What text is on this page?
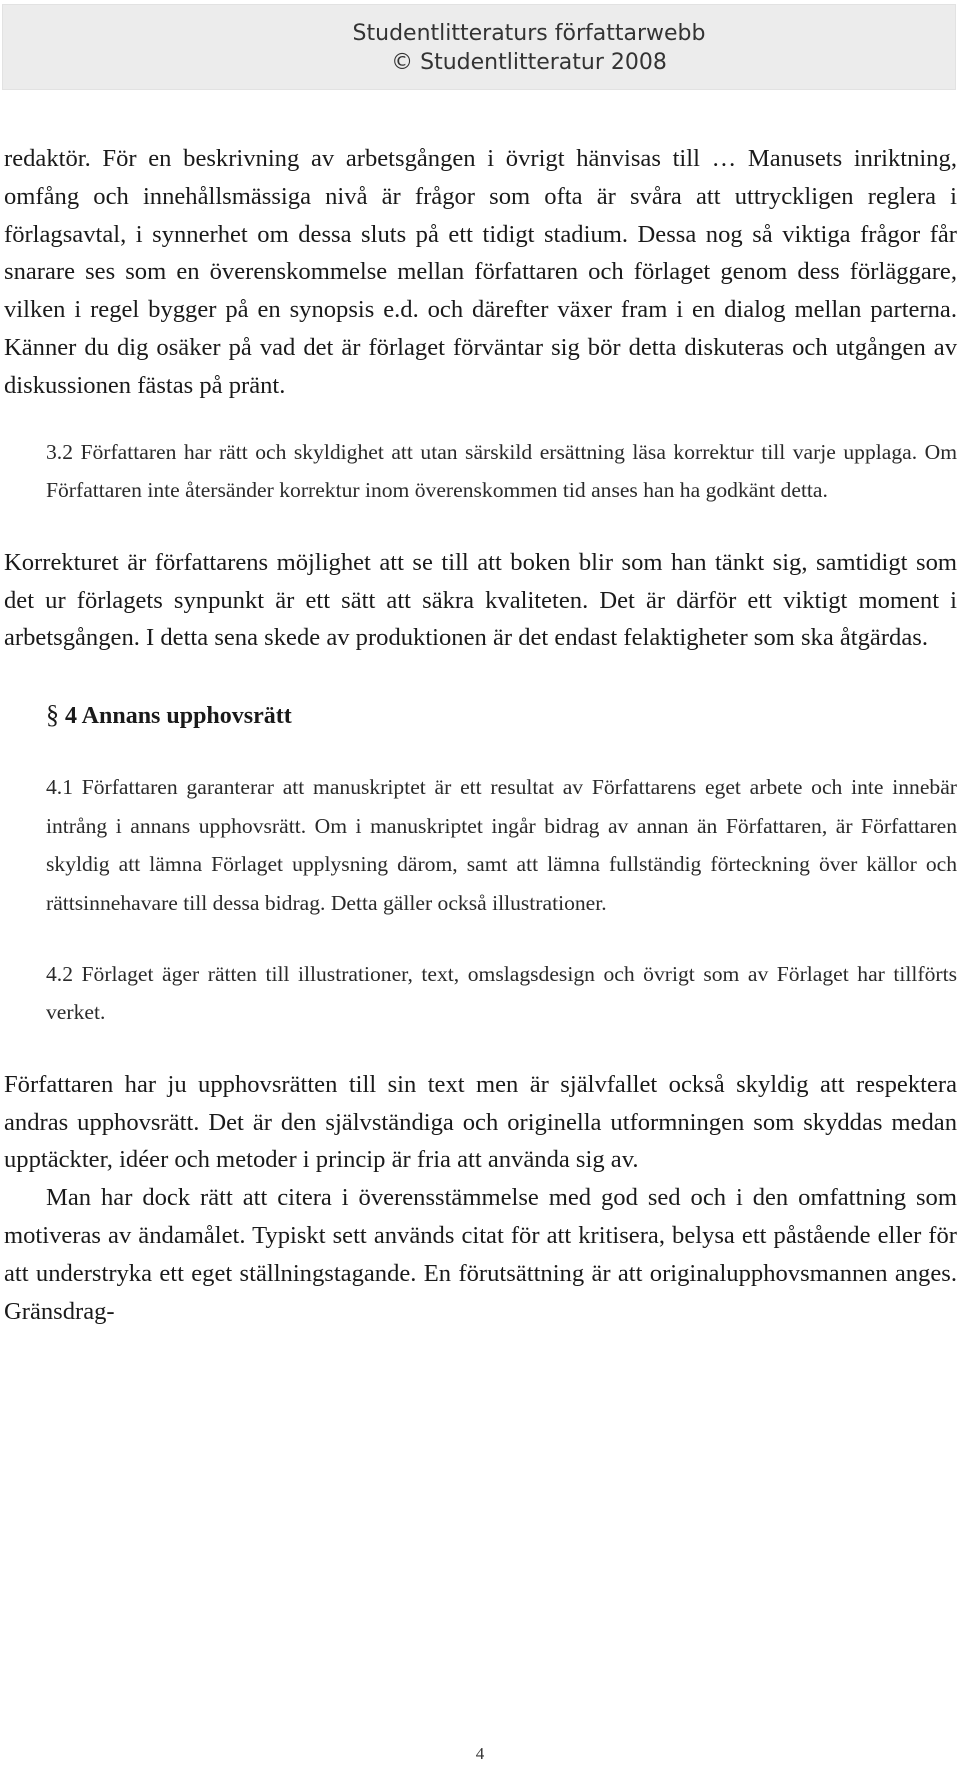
Studentlitteraturs författarwebb
© Studentlitteratur 2008

redaktör. För en beskrivning av arbetsgången i övrigt hänvisas till … Manusets inriktning, omfång och innehållsmässiga nivå är frågor som ofta är svåra att uttryckligen reglera i förlagsavtal, i synnerhet om dessa sluts på ett tidigt stadium. Dessa nog så viktiga frågor får snarare ses som en överenskommelse mellan författaren och förlaget genom dess förläggare, vilken i regel bygger på en synopsis e.d. och därefter växer fram i en dialog mellan parterna. Känner du dig osäker på vad det är förlaget förväntar sig bör detta diskuteras och utgången av diskussionen fästas på pränt.

3.2 Författaren har rätt och skyldighet att utan särskild ersättning läsa korrektur till varje upplaga. Om Författaren inte återsänder korrektur inom överenskommen tid anses han ha godkänt detta.

Korrekturet är författarens möjlighet att se till att boken blir som han tänkt sig, samtidigt som det ur förlagets synpunkt är ett sätt att säkra kvaliteten. Det är därför ett viktigt moment i arbetsgången. I detta sena skede av produktionen är det endast felaktigheter som ska åtgärdas.

§ 4 Annans upphovsrätt

4.1 Författaren garanterar att manuskriptet är ett resultat av Författarens eget arbete och inte innebär intrång i annans upphovsrätt. Om i manuskriptet ingår bidrag av annan än Författaren, är Författaren skyldig att lämna Förlaget upplysning därom, samt att lämna fullständig förteckning över källor och rättsinnehavare till dessa bidrag. Detta gäller också illustrationer.

4.2 Förlaget äger rätten till illustrationer, text, omslagsdesign och övrigt som av Förlaget har tillförts verket.

Författaren har ju upphovsrätten till sin text men är självfallet också skyldig att respektera andras upphovsrätt. Det är den självständiga och originella utformningen som skyddas medan upptäckter, idéer och metoder i princip är fria att använda sig av.

Man har dock rätt att citera i överensstämmelse med god sed och i den omfattning som motiveras av ändamålet. Typiskt sett används citat för att kritisera, belysa ett påstående eller för att understryka ett eget ställningstagande. En förutsättning är att originalupphovsmannen anges. Gränsdrag-

4
